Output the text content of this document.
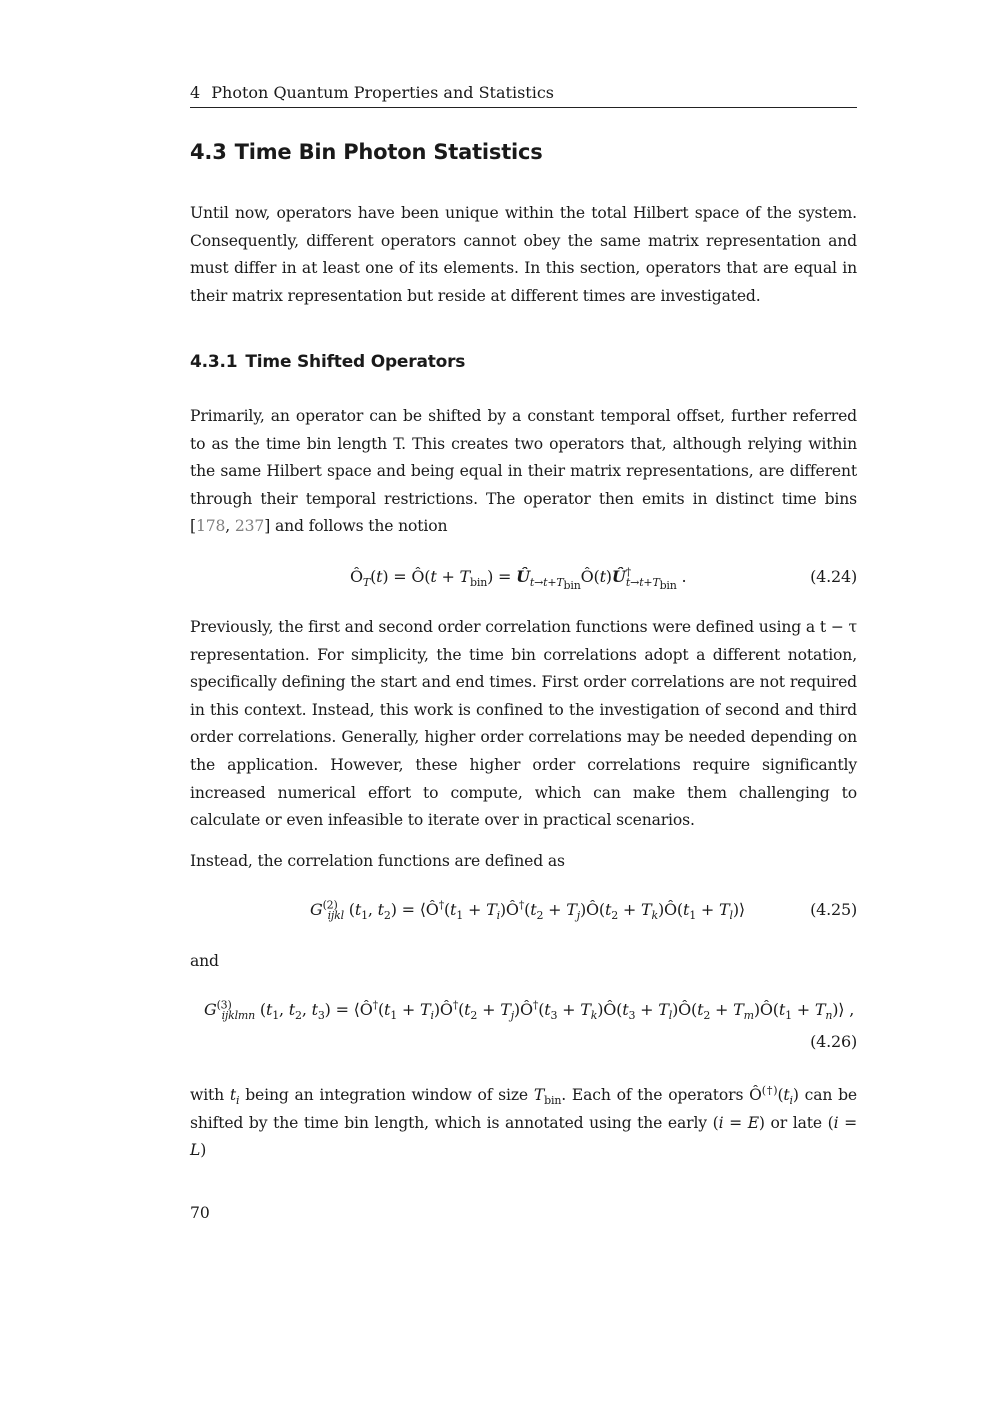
4 Photon Quantum Properties and Statistics
4.3 Time Bin Photon Statistics
Until now, operators have been unique within the total Hilbert space of the system. Consequently, different operators cannot obey the same matrix representation and must differ in at least one of its elements. In this section, operators that are equal in their matrix representation but reside at different times are investigated.
4.3.1 Time Shifted Operators
Primarily, an operator can be shifted by a constant temporal offset, further referred to as the time bin length T. This creates two operators that, although relying within the same Hilbert space and being equal in their matrix representations, are different through their temporal restrictions. The operator then emits in distinct time bins [178, 237] and follows the notion
$Ô_T(t)$ = Ô(t + $T_{bin}$) = $Û_{t\to t+T_{bin}}Ô(t)Û^\dagger_{t\to t+T_{bin}}$ .	(4.24)
Previously, the first and second order correlation functions were defined using a t − τ representation. For simplicity, the time bin correlations adopt a different notation, specifically defining the start and end times. First order correlations are not required in this context. Instead, this work is confined to the investigation of second and third order correlations. Generally, higher order correlations may be needed depending on the application. However, these higher order correlations require significantly increased numerical effort to compute, which can make them challenging to calculate or even infeasible to iterate over in practical scenarios.
Instead, the correlation functions are defined as
$G^{(2)}_{ijkl}$ ($t_1$, $t_2$) = $⟨Ô^\dagger(t_1$ + $T_i)Ô^\dagger(t_2$ + $T_j)Ô(t_2$ + $T_k)Ô(t_1$ + $T_l)⟩$	(4.25)
and
$G^{(3)}_{ijklmn}$ ($t_1$, $t_2$, $t_3$) = $⟨Ô^\dagger(t_1$ + $T_i)Ô^\dagger(t_2$ + $T_j)Ô^\dagger(t_3$ + $T_k)Ô(t_3$ + $T_l)Ô(t_2$ + $T_m)Ô(t_1$ + $T_n)⟩$ ,
(4.26)
with $t_i$ being an integration window of size $T_{bin}$. Each of the operators $Ô^{(\dagger)}(t_i)$ can be shifted by the time bin length, which is annotated using the early (i = E) or late (i = L)
70
